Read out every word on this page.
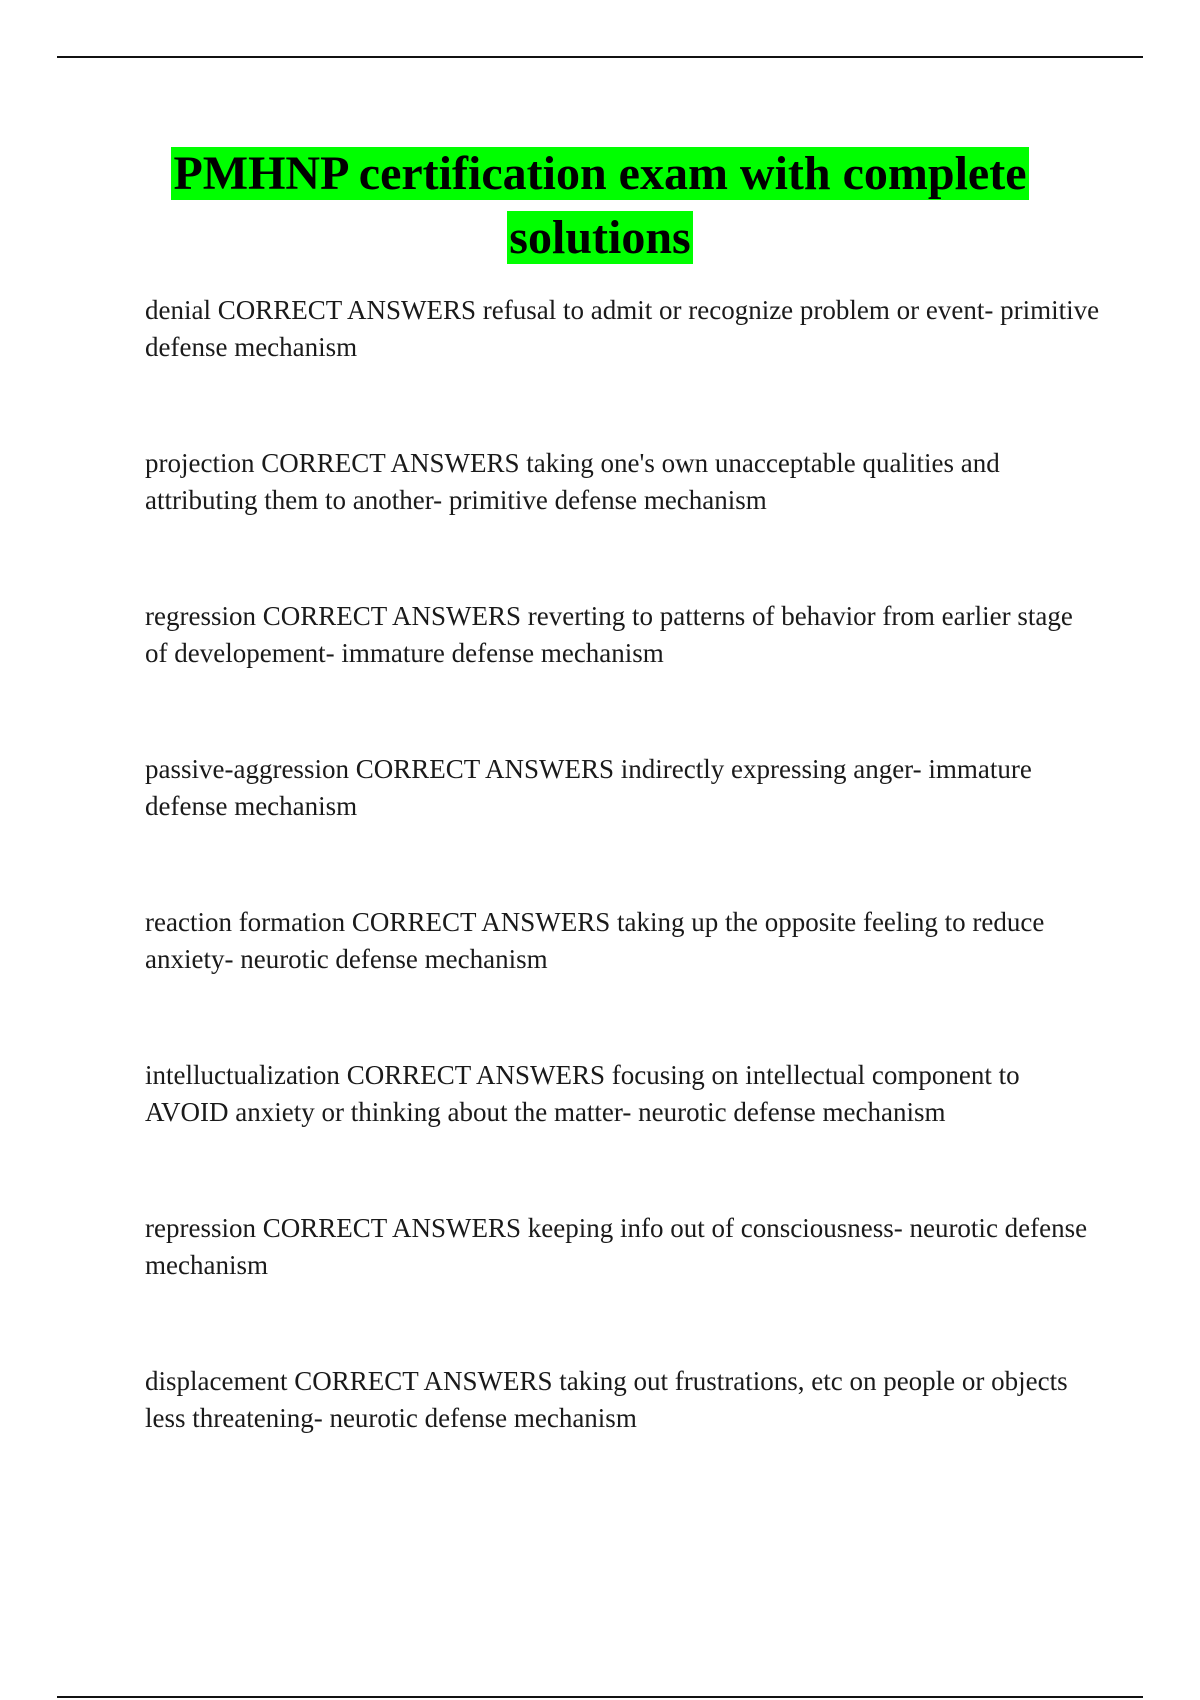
PMHNP certification exam with complete
solutions
denial CORRECT ANSWERS refusal to admit or recognize problem or event- primitive defense mechanism
projection CORRECT ANSWERS taking one's own unacceptable qualities and attributing them to another- primitive defense mechanism
regression CORRECT ANSWERS reverting to patterns of behavior from earlier stage of developement- immature defense mechanism
passive-aggression CORRECT ANSWERS indirectly expressing anger- immature defense mechanism
reaction formation CORRECT ANSWERS taking up the opposite feeling to reduce anxiety- neurotic defense mechanism
intelluctualization CORRECT ANSWERS focusing on intellectual component to AVOID anxiety or thinking about the matter- neurotic defense mechanism
repression CORRECT ANSWERS keeping info out of consciousness- neurotic defense mechanism
displacement CORRECT ANSWERS taking out frustrations, etc on people or objects less threatening- neurotic defense mechanism
